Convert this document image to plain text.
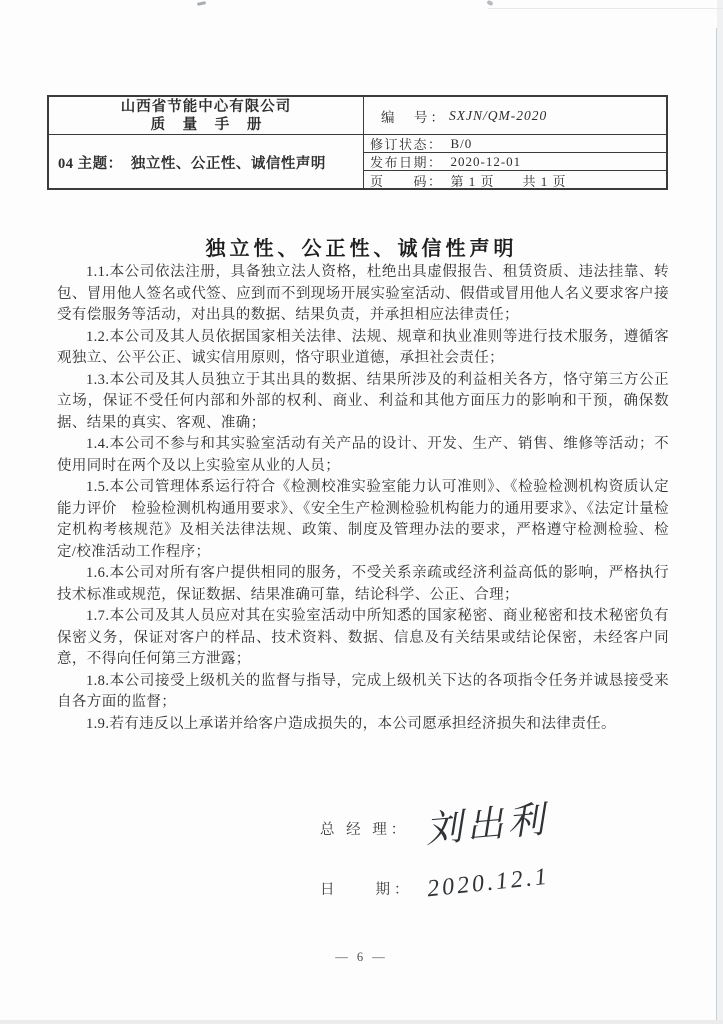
山西省节能中心有限公司
质 量 手 册	编　号： SXJN/QM-2020
04 主题：  独立性、公正性、诚信性声明
修订状态： B/0
发布日期： 2020-12-01
页　　码： 第 1 页　　共 1 页
独立性、公正性、诚信性声明

1.1.本公司依法注册，具备独立法人资格，杜绝出具虚假报告、租赁资质、违法挂靠、转包、冒用他人签名或代签、应到而不到现场开展实验室活动、假借或冒用他人名义要求客户接受有偿服务等活动，对出具的数据、结果负责，并承担相应法律责任；

1.2.本公司及其人员依据国家相关法律、法规、规章和执业准则等进行技术服务，遵循客观独立、公平公正、诚实信用原则，恪守职业道德，承担社会责任；

1.3.本公司及其人员独立于其出具的数据、结果所涉及的利益相关各方，恪守第三方公正立场，保证不受任何内部和外部的权利、商业、利益和其他方面压力的影响和干预，确保数据、结果的真实、客观、准确；

1.4.本公司不参与和其实验室活动有关产品的设计、开发、生产、销售、维修等活动；不使用同时在两个及以上实验室从业的人员；

1.5.本公司管理体系运行符合《检测校准实验室能力认可准则》、《检验检测机构资质认定能力评价　检验检测机构通用要求》、《安全生产检测检验机构能力的通用要求》、《法定计量检定机构考核规范》及相关法律法规、政策、制度及管理办法的要求，严格遵守检测检验、检定/校准活动工作程序；

1.6.本公司对所有客户提供相同的服务，不受关系亲疏或经济利益高低的影响，严格执行技术标准或规范，保证数据、结果准确可靠，结论科学、公正、合理；

1.7.本公司及其人员应对其在实验室活动中所知悉的国家秘密、商业秘密和技术秘密负有保密义务，保证对客户的样品、技术资料、数据、信息及有关结果或结论保密，未经客户同意，不得向任何第三方泄露；

1.8.本公司接受上级机关的监督与指导，完成上级机关下达的各项指令任务并诚恳接受来自各方面的监督；

1.9.若有违反以上承诺并给客户造成损失的，本公司愿承担经济损失和法律责任。

总 经 理： 刘出利
日　　期： 2020.12.1
— 6 —
